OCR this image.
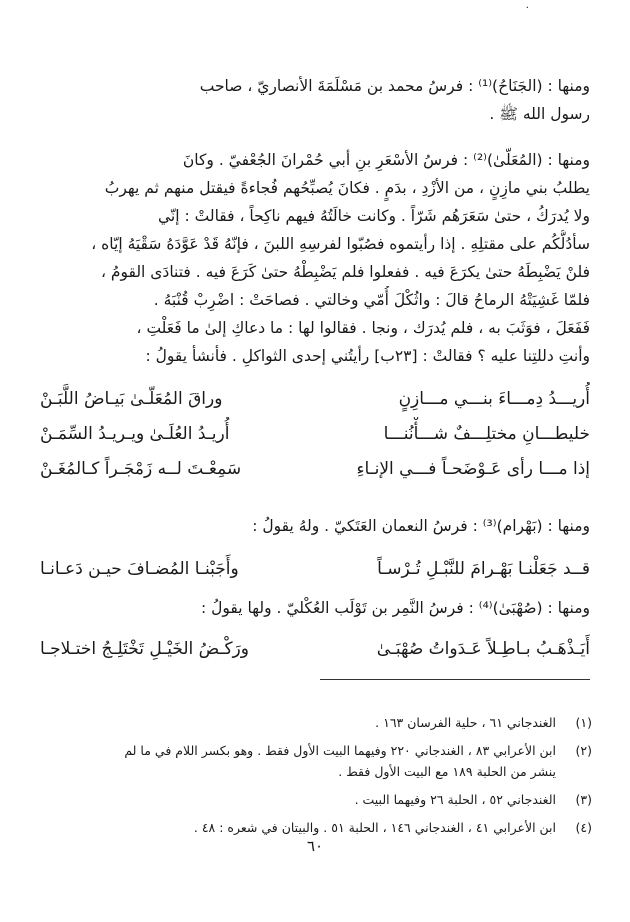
٠
ومنها : (الجَنَاحُ)⁽¹⁾ : فرسُ محمد بن مَسْلَمَةَ الأنصاريّ ، صاحب
رسول الله ﷺ .
ومنها : (المُعَلّىٰ)⁽²⁾ : فرسُ الأسْعَرِ بنِ أبي حُمْرانَ الجُعْفيّ . وكانَ
يطلبُ بني مازِنٍ ، من الأزْدِ ، بدَمٍ . فكانَ يُصبِّحُهم فُجاءةً فيقتل منهم ثم يهربُ
ولا يُدرَكُ ، حتىٰ سَعَرَهُم شَرّاً . وكانت خالَتُهُ فيهم ناكِحاً ، فقالتْ : إنّي
سأدُلُّكُم على مقتلِهِ . إذا رأيتموه فصُبّوا لفرسِهِ اللبنَ ، فإنّهُ قَدْ عَوَّدَهُ سَقْيَهُ إيّاه ،
فلنْ يَضْبِطَهُ حتىٰ يكرَعَ فيه . ففعلوا فلم يَضْبِطْهُ حتىٰ كَرَعَ فيه . فتنادَى القومُ ،
فلمّا غَشِيَتْهُ الرماحُ قالَ : واثُكْلَ أُمّي وخالتي . فصاحَتْ : اضْرِبْ قُنْبَهُ .
فَفَعَلَ ، فوَثَبَ به ، فلم يُدرَك ، ونجا . فقالوا لها : ما دعاكِ إلىٰ ما فَعَلْتِ ،
وأنتِ دللتِنا عليه ؟ فقالتْ : [٢٣ب] رأيتُني إحدى الثواكلِ . فأنشأ يقولُ :
أُريـــدُ دِمـــاءَ بنـــي مـــازِنٍ
وراقَ المُعَلّـىٰ بَيـاضُ اللَّبَـنْ
خليطـــانِ مختلِـــفٌ شـــأْنُنـــا
أُريـدُ العُلَـىٰ ويـريـدُ السِّمَـنْ
إذا مـــا رأى عَـوْضَحـاً فـــي الإنـاءِ
سَمِعْـتَ لــه زَمْجَـراً كـالمُغَـنْ
ومنها : (بَهْرام)⁽³⁾ : فرسُ النعمان العَتَكيّ . ولهُ يقولُ :
قــد جَعَلْنـا بَهْـرامَ للنَّبْـلِ تُـرْسـاً
وأَجَبْنـا المُضـافَ حيـن دَعـانـا
ومنها : (صُهْبَىٰ)⁽⁴⁾ : فرسُ النَّمِر بن تَوْلَب العُكْليّ . ولها يقولُ :
أَيَـذْهَـبُ بـاطِـلاً عَـدَواتُ صُهْبَـىٰ
ورَكْـضُ الخَيْـلِ تَخْتَلِـجُ اختـلاجـا
(١)
الغندجاني ٦١ ، حلية الفرسان ١٦٣ .
(٢)
ابن الأعرابي ٨٣ ، الغندجاني ٢٢٠ وفيهما البيت الأول فقط . وهو بكسر اللام في ما لم
ينشر من الحلبة ١٨٩ مع البيت الأول فقط .
(٣)
الغندجاني ٥٢ ، الحلبة ٢٦ وفيهما البيت .
(٤)
ابن الأعرابي ٤١ ، الغندجاني ١٤٦ ، الحلبة ٥١ . والبيتان في شعره : ٤٨ .
٦٠
